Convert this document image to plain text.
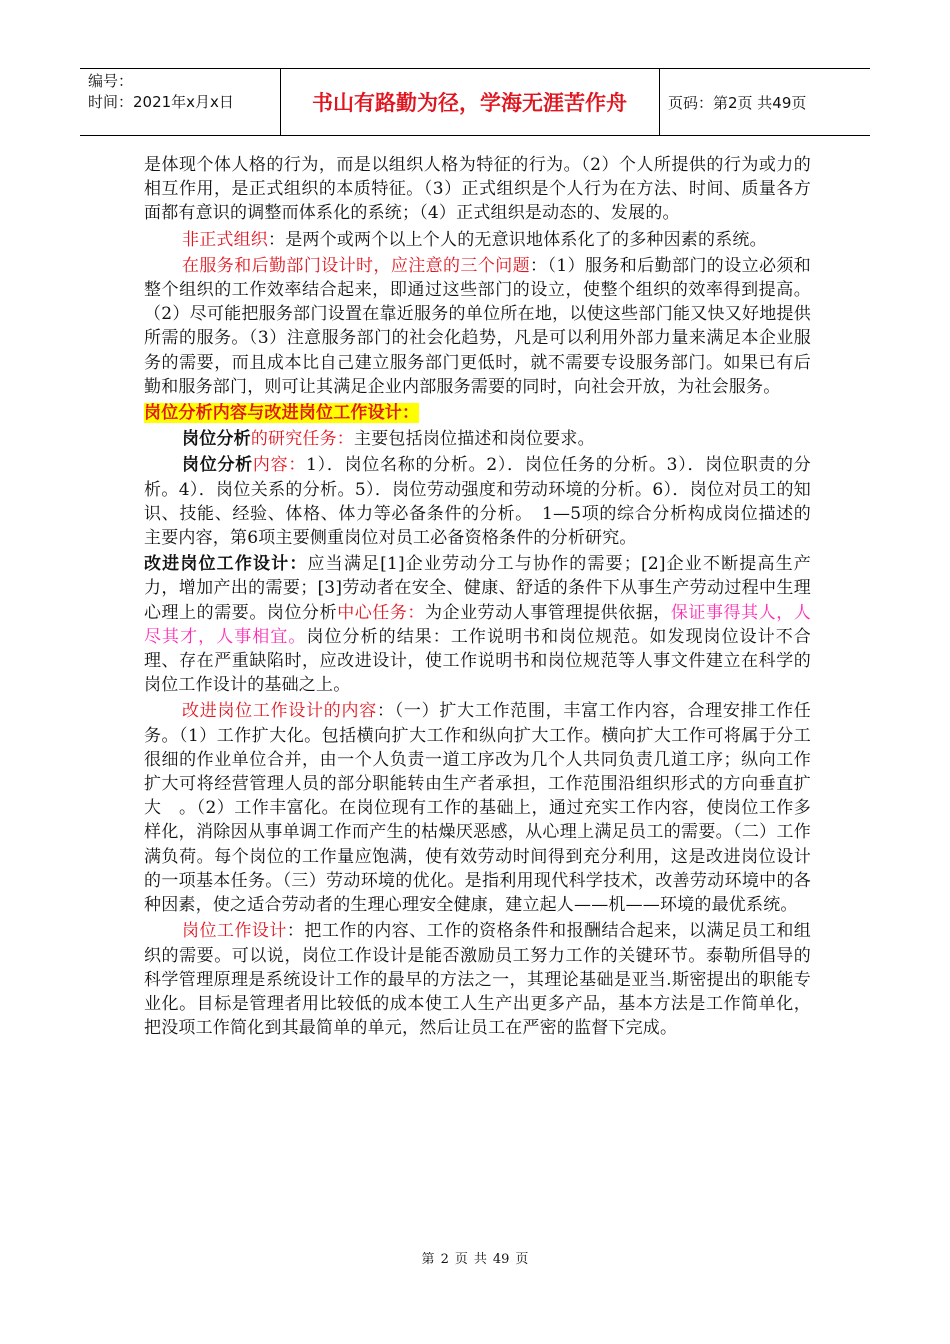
编号：
时间：2021年x月x日	书山有路勤为径，学海无涯苦作舟	页码：第2页 共49页

是体现个体人格的行为，而是以组织人格为特征的行为。（2）个人所提供的行为或力的相互作用，是正式组织的本质特征。（3）正式组织是个人行为在方法、时间、质量各方面都有意识的调整而体系化的系统；（4）正式组织是动态的、发展的。

非正式组织：是两个或两个以上个人的无意识地体系化了的多种因素的系统。

在服务和后勤部门设计时，应注意的三个问题：（1）服务和后勤部门的设立必须和整个组织的工作效率结合起来，即通过这些部门的设立，使整个组织的效率得到提高。（2）尽可能把服务部门设置在靠近服务的单位所在地，以使这些部门能又快又好地提供所需的服务。（3）注意服务部门的社会化趋势，凡是可以利用外部力量来满足本企业服务的需要，而且成本比自己建立服务部门更低时，就不需要专设服务部门。如果已有后勤和服务部门，则可让其满足企业内部服务需要的同时，向社会开放，为社会服务。

岗位分析内容与改进岗位工作设计：

岗位分析的研究任务：主要包括岗位描述和岗位要求。

岗位分析内容：1）．岗位名称的分析。2）．岗位任务的分析。3）．岗位职责的分析。4）．岗位关系的分析。5）．岗位劳动强度和劳动环境的分析。6）．岗位对员工的知识、技能、经验、体格、体力等必备条件的分析。　1—5项的综合分析构成岗位描述的主要内容，第6项主要侧重岗位对员工必备资格条件的分析研究。

改进岗位工作设计：应当满足[1]企业劳动分工与协作的需要；[2]企业不断提高生产力，增加产出的需要；[3]劳动者在安全、健康、舒适的条件下从事生产劳动过程中生理心理上的需要。岗位分析中心任务：为企业劳动人事管理提供依据，保证事得其人，人尽其才，人事相宜。岗位分析的结果：工作说明书和岗位规范。如发现岗位设计不合理、存在严重缺陷时，应改进设计，使工作说明书和岗位规范等人事文件建立在科学的岗位工作设计的基础之上。

改进岗位工作设计的内容：（一）扩大工作范围，丰富工作内容，合理安排工作任务。（1）工作扩大化。包括横向扩大工作和纵向扩大工作。横向扩大工作可将属于分工很细的作业单位合并，由一个人负责一道工序改为几个人共同负责几道工序；纵向工作扩大可将经营管理人员的部分职能转由生产者承担，工作范围沿组织形式的方向垂直扩大　。（2）工作丰富化。在岗位现有工作的基础上，通过充实工作内容，使岗位工作多样化，消除因从事单调工作而产生的枯燥厌恶感，从心理上满足员工的需要。（二）工作满负荷。每个岗位的工作量应饱满，使有效劳动时间得到充分利用，这是改进岗位设计的一项基本任务。（三）劳动环境的优化。是指利用现代科学技术，改善劳动环境中的各种因素，使之适合劳动者的生理心理安全健康，建立起人——机——环境的最优系统。

岗位工作设计：把工作的内容、工作的资格条件和报酬结合起来，以满足员工和组织的需要。可以说，岗位工作设计是能否激励员工努力工作的关键环节。泰勒所倡导的科学管理原理是系统设计工作的最早的方法之一，其理论基础是亚当.斯密提出的职能专业化。目标是管理者用比较低的成本使工人生产出更多产品，基本方法是工作简单化，把没项工作简化到其最简单的单元，然后让员工在严密的监督下完成。

第 2 页 共 49 页
